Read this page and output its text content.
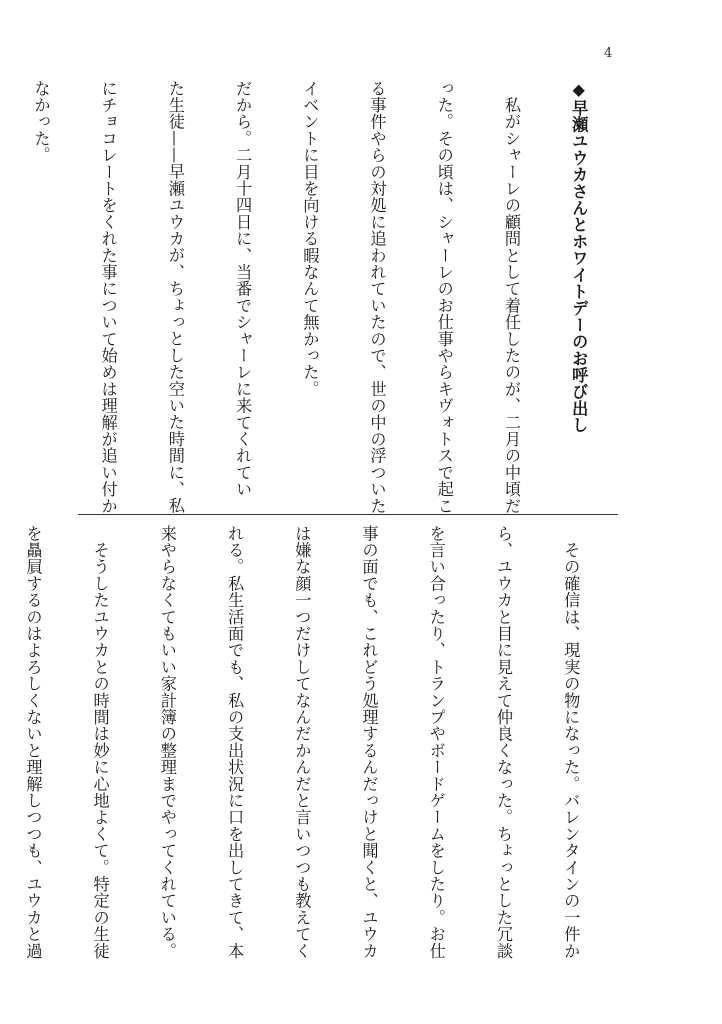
4

◆早瀬ユウカさんとホワイトデーのお呼び出し

　私がシャーレの顧問として着任したのが、二月の中頃だ

った。その頃は、シャーレのお仕事やらキヴォトスで起こ

る事件やらの対処に追われていたので、世の中の浮ついた

イベントに目を向ける暇なんて無かった。

だから。二月十四日に、当番でシャーレに来てくれてい

た生徒——早瀬ユウカが、ちょっとした空いた時間に、私

にチョコレートをくれた事について始めは理解が追い付か

なかった。

　その確信は、現実の物になった。バレンタインの一件か

ら、ユウカと目に見えて仲良くなった。ちょっとした冗談

を言い合ったり、トランプやボードゲームをしたり。お仕

事の面でも、これどう処理するんだっけと聞くと、ユウカ

は嫌な顔一つだけしてなんだかんだと言いつつも教えてく

れる。私生活面でも、私の支出状況に口を出してきて、本

来やらなくてもいい家計簿の整理までやってくれている。

　そうしたユウカとの時間は妙に心地よくて。特定の生徒

を贔屓するのはよろしくないと理解しつつも、ユウカと過
